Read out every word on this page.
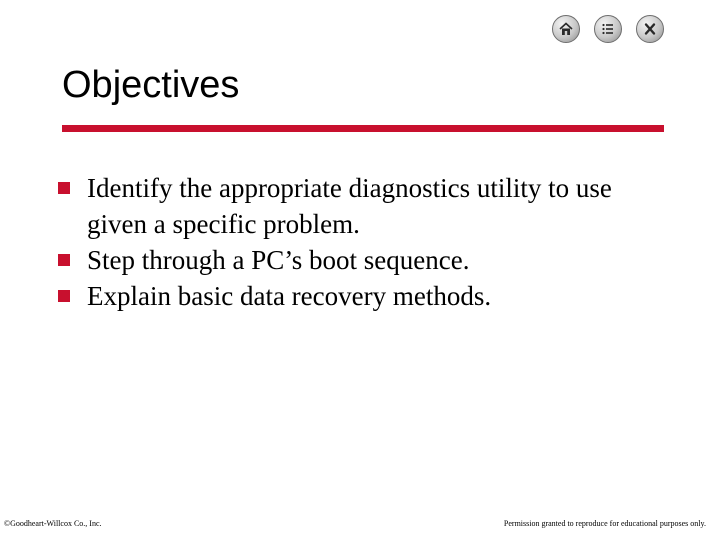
Objectives
Identify the appropriate diagnostics utility to use given a specific problem.
Step through a PC’s boot sequence.
Explain basic data recovery methods.
©Goodheart-Willcox Co., Inc.	Permission granted to reproduce for educational purposes only.
